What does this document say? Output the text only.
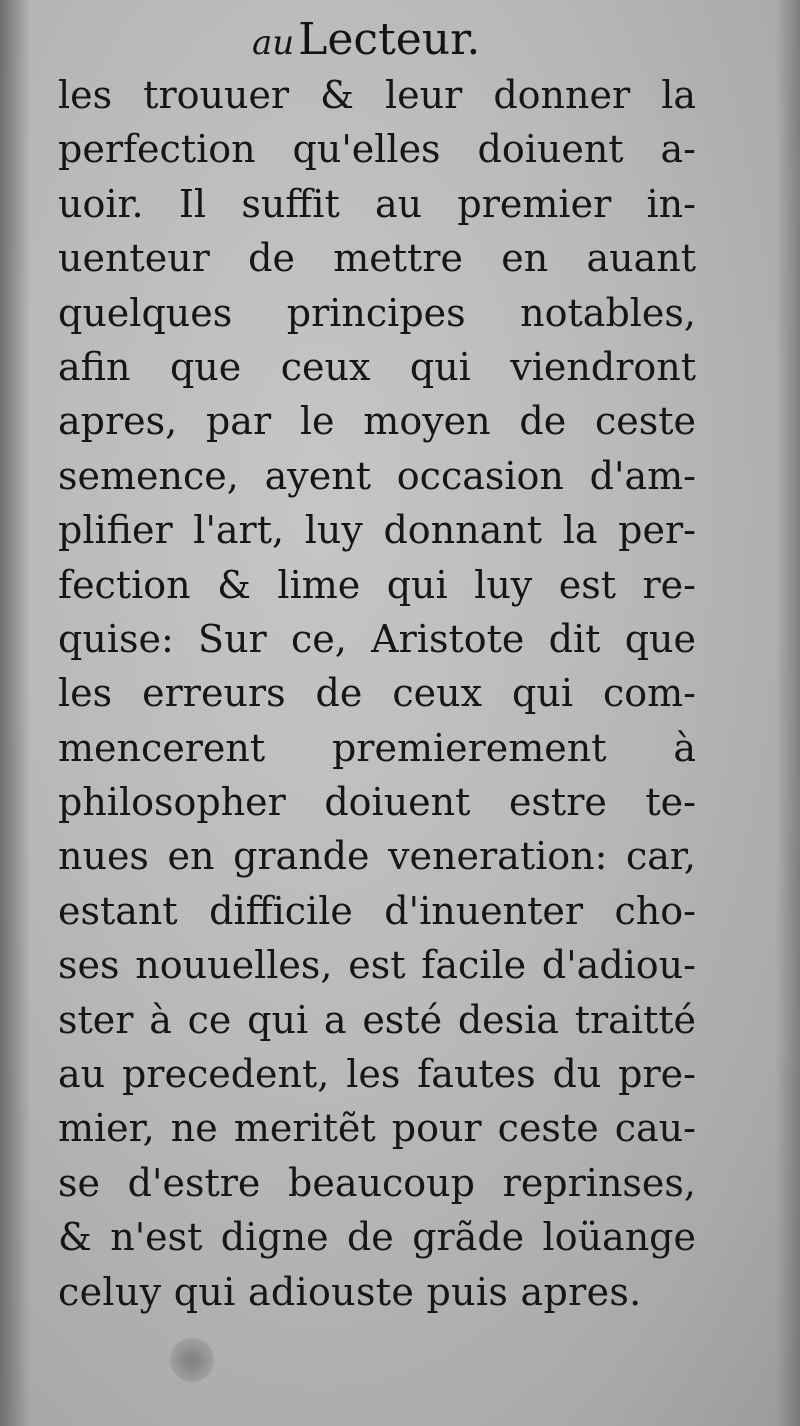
auLecteur.
les trouuer & leur donner la
perfection qu'elles doiuent a-
uoir. Il suffit au premier in-
uenteur de mettre en auant
quelques principes notables,
afin que ceux qui viendront
apres, par le moyen de ceste
semence, ayent occasion d'am-
plifier l'art, luy donnant la per-
fection & lime qui luy est re-
quise: Sur ce, Aristote dit que
les erreurs de ceux qui com-
mencerent premierement à
philosopher doiuent estre te-
nues en grande veneration: car,
estant difficile d'inuenter cho-
ses nouuelles, est facile d'adiou-
ster à ce qui a esté desia traitté
au precedent, les fautes du pre-
mier, ne meritẽt pour ceste cau-
se d'estre beaucoup reprinses,
& n'est digne de grãde loüange
celuy qui adiouste puis apres.
